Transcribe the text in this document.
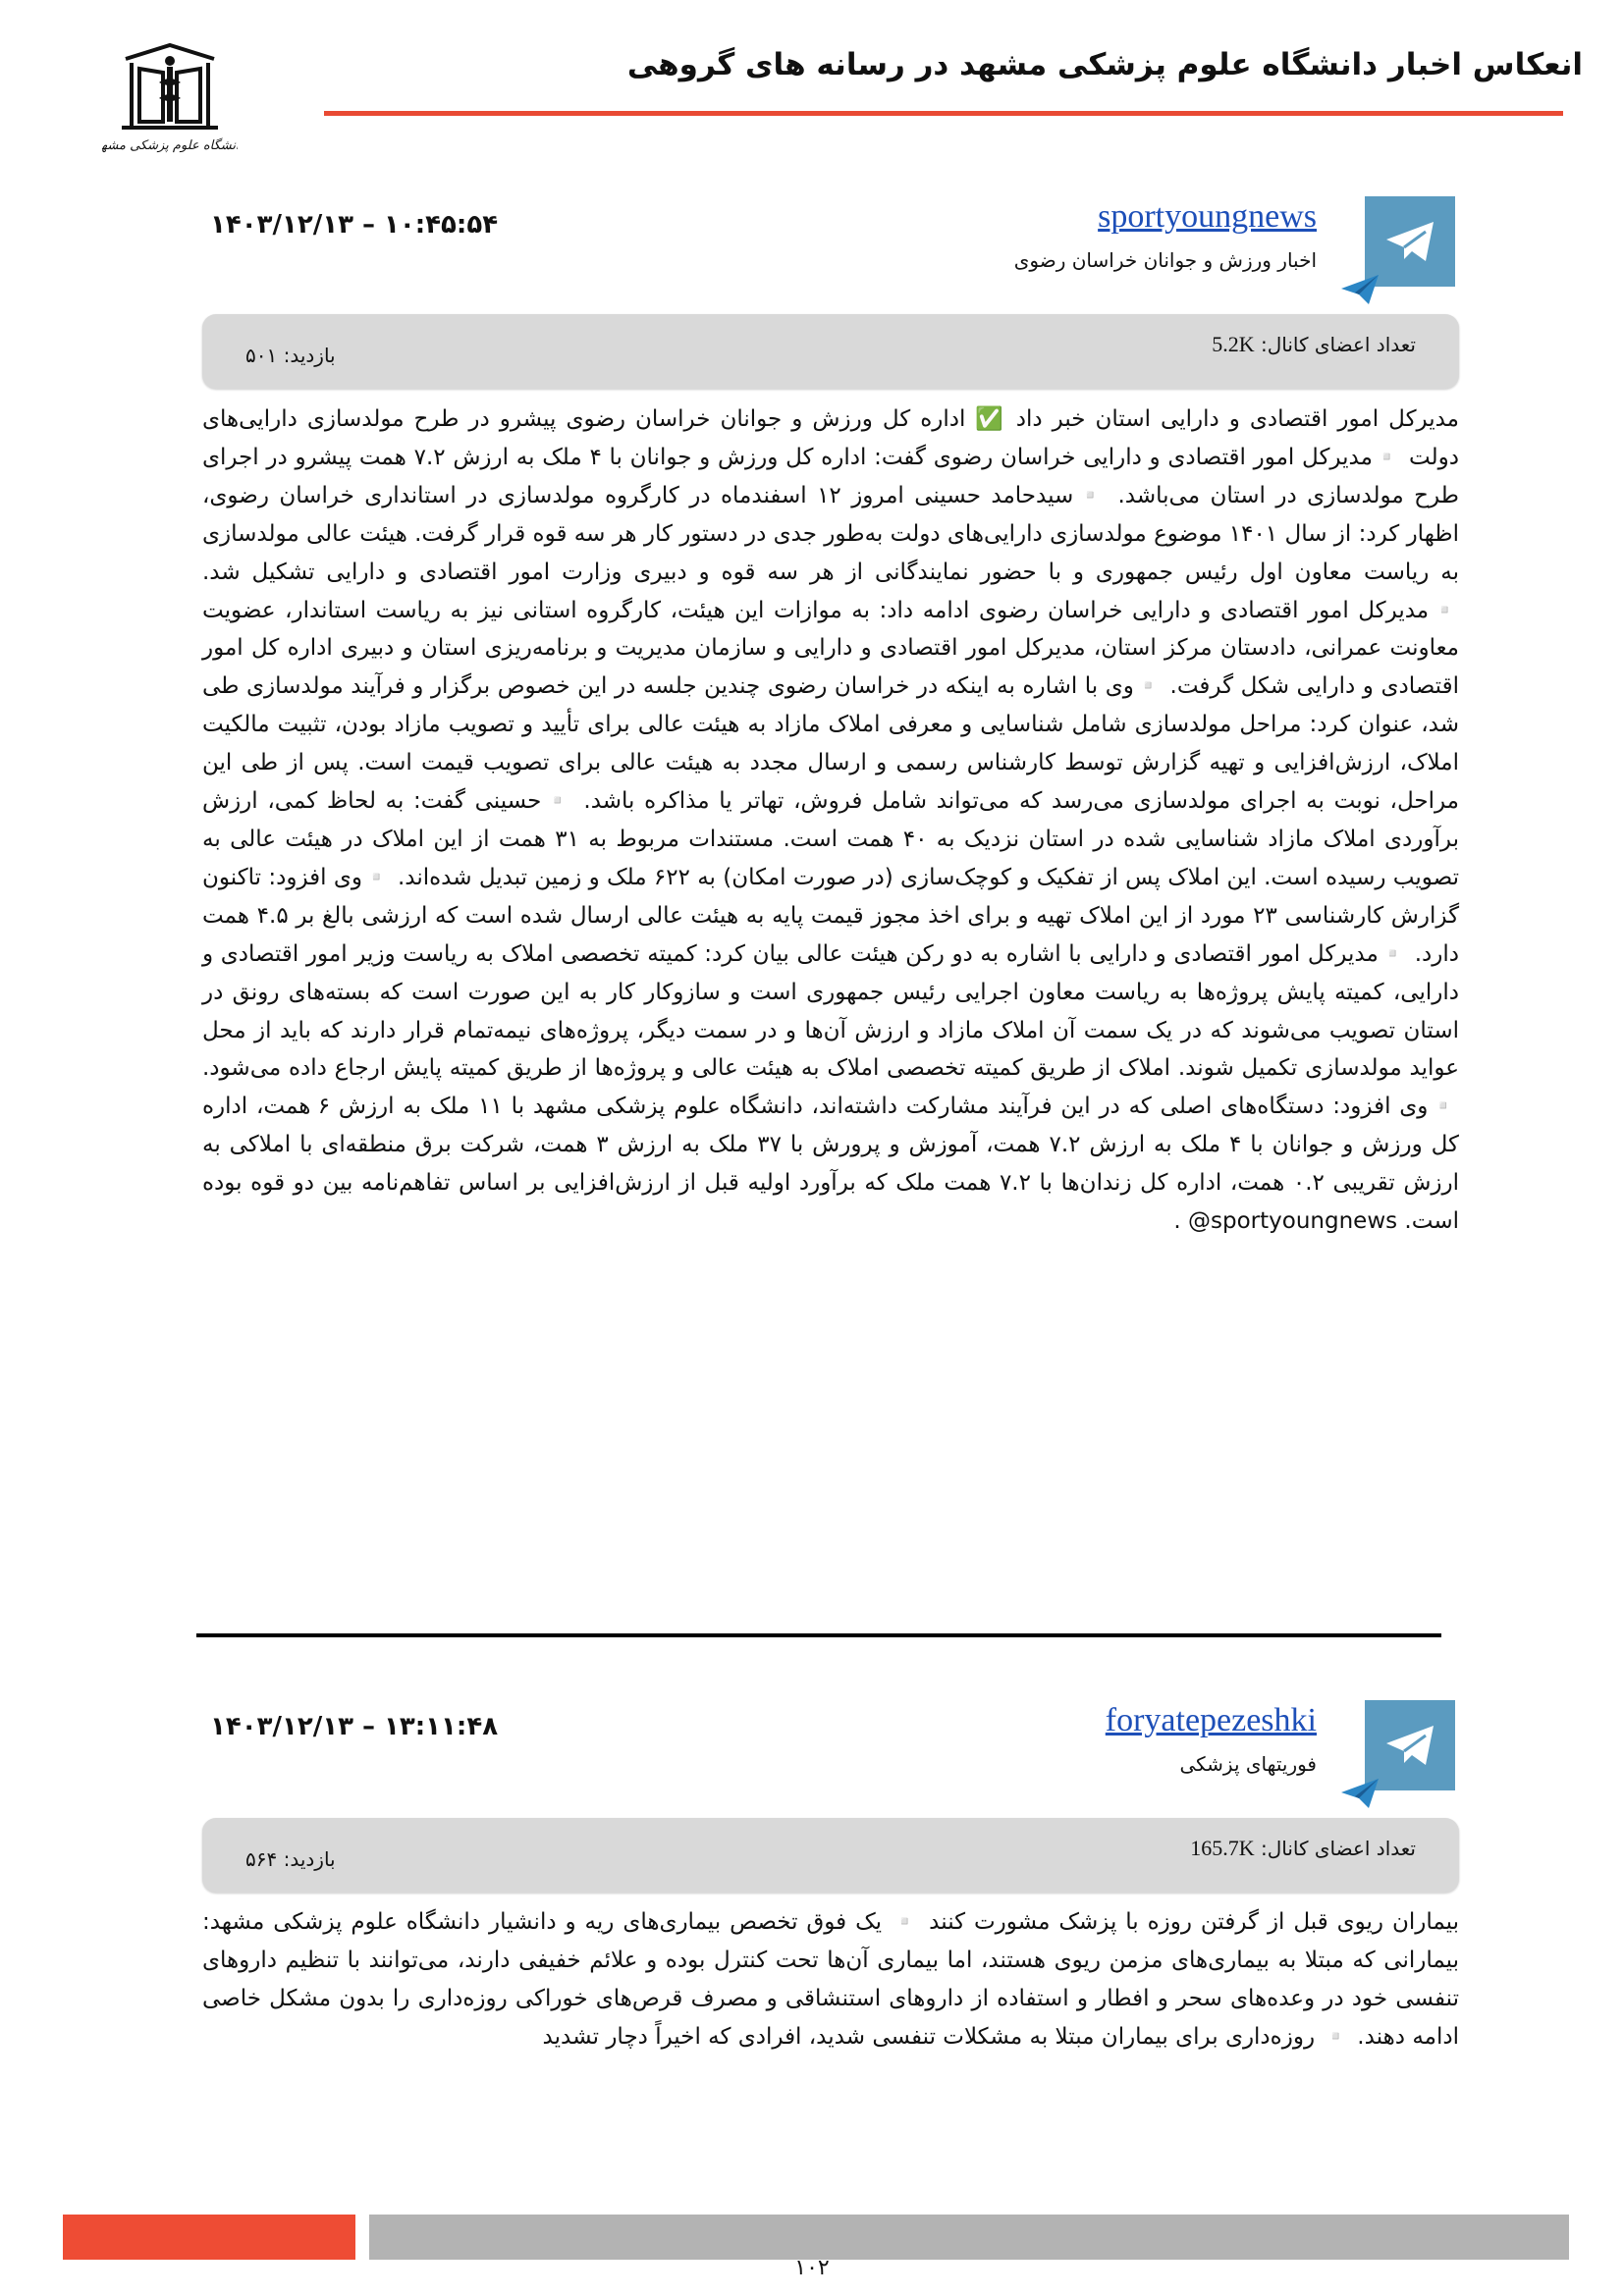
انعکاس اخبار دانشگاه علوم پزشکی مشهد در رسانه های گروهی
دانشگاه علوم پزشکی مشهد
sportyoungnews
اخبار ورزش و جوانان خراسان رضوی
۱۴۰۳/۱۲/۱۳ – ۱۰:۴۵:۵۴
تعداد اعضای کانال: 5.2K
بازدید: ۵۰۱
مدیرکل امور اقتصادی و دارایی استان خبر داد ✅ اداره کل ورزش و جوانان خراسان رضوی پیشرو در طرح مولدسازی دارایی‌های دولت ▫️مدیرکل امور اقتصادی و دارایی خراسان رضوی گفت: اداره کل ورزش و جوانان با ۴ ملک به ارزش ۷.۲ همت پیشرو در اجرای طرح مولدسازی در استان می‌باشد. ▫️سیدحامد حسینی امروز ۱۲ اسفندماه در کارگروه مولدسازی در استانداری خراسان رضوی، اظهار کرد: از سال ۱۴۰۱ موضوع مولدسازی دارایی‌های دولت به‌طور جدی در دستور کار هر سه قوه قرار گرفت. هیئت عالی مولدسازی به ریاست معاون اول رئیس جمهوری و با حضور نمایندگانی از هر سه قوه و دبیری وزارت امور اقتصادی و دارایی تشکیل شد. ▫️مدیرکل امور اقتصادی و دارایی خراسان رضوی ادامه داد: به موازات این هیئت، کارگروه استانی نیز به ریاست استاندار، عضویت معاونت عمرانی، دادستان مرکز استان، مدیرکل امور اقتصادی و دارایی و سازمان مدیریت و برنامه‌ریزی استان و دبیری اداره کل امور اقتصادی و دارایی شکل گرفت. ▫️وی با اشاره به اینکه در خراسان رضوی چندین جلسه در این خصوص برگزار و فرآیند مولدسازی طی شد، عنوان کرد: مراحل مولدسازی شامل شناسایی و معرفی املاک مازاد به هیئت عالی برای تأیید و تصویب مازاد بودن، تثبیت مالکیت املاک، ارزش‌افزایی و تهیه گزارش توسط کارشناس رسمی و ارسال مجدد به هیئت عالی برای تصویب قیمت است. پس از طی این مراحل، نوبت به اجرای مولدسازی می‌رسد که می‌تواند شامل فروش، تهاتر یا مذاکره باشد. ▫️حسینی گفت: به لحاظ کمی، ارزش برآوردی املاک مازاد شناسایی شده در استان نزدیک به ۴۰ همت است. مستندات مربوط به ۳۱ همت از این املاک در هیئت عالی به تصویب رسیده است. این املاک پس از تفکیک و کوچک‌سازی (در صورت امکان) به ۶۲۲ ملک و زمین تبدیل شده‌اند. ▫️وی افزود: تاکنون گزارش کارشناسی ۲۳ مورد از این املاک تهیه و برای اخذ مجوز قیمت پایه به هیئت عالی ارسال شده است که ارزشی بالغ بر ۴.۵ همت دارد. ▫️مدیرکل امور اقتصادی و دارایی با اشاره به دو رکن هیئت عالی بیان کرد: کمیته تخصصی املاک به ریاست وزیر امور اقتصادی و دارایی، کمیته پایش پروژه‌ها به ریاست معاون اجرایی رئیس جمهوری است و سازوکار کار به این صورت است که بسته‌های رونق در استان تصویب می‌شوند که در یک سمت آن املاک مازاد و ارزش آن‌ها و در سمت دیگر، پروژه‌های نیمه‌تمام قرار دارند که باید از محل عواید مولدسازی تکمیل شوند. املاک از طریق کمیته تخصصی املاک به هیئت عالی و پروژه‌ها از طریق کمیته پایش ارجاع داده می‌شود. ▫️وی افزود: دستگاه‌های اصلی که در این فرآیند مشارکت داشته‌اند، دانشگاه علوم پزشکی مشهد با ۱۱ ملک به ارزش ۶ همت، اداره کل ورزش و جوانان با ۴ ملک به ارزش ۷.۲ همت، آموزش و پرورش با ۳۷ ملک به ارزش ۳ همت، شرکت برق منطقه‌ای با املاکی به ارزش تقریبی ۰.۲ همت، اداره کل زندان‌ها با ۷.۲ همت ملک که برآورد اولیه قبل از ارزش‌افزایی بر اساس تفاهم‌نامه بین دو قوه بوده است. ‎@sportyoungnews .
foryatepezeshki
فوریتهای پزشکی
۱۴۰۳/۱۲/۱۳ – ۱۳:۱۱:۴۸
تعداد اعضای کانال: 165.7K
بازدید: ۵۶۴
بیماران ریوی قبل از گرفتن روزه با پزشک مشورت کنند ▫️ یک فوق تخصص بیماری‌های ریه و دانشیار دانشگاه علوم پزشکی مشهد: بیمارانی که مبتلا به بیماری‌های مزمن ریوی هستند، اما بیماری آن‌ها تحت کنترل بوده و علائم خفیفی دارند، می‌توانند با تنظیم داروهای تنفسی خود در وعده‌های سحر و افطار و استفاده از داروهای استنشاقی و مصرف قرص‌های خوراکی روزه‌داری را بدون مشکل خاصی ادامه دهند. ▫️ روزه‌داری برای بیماران مبتلا به مشکلات تنفسی شدید، افرادی که اخیراً دچار تشدید
۱۰۲
